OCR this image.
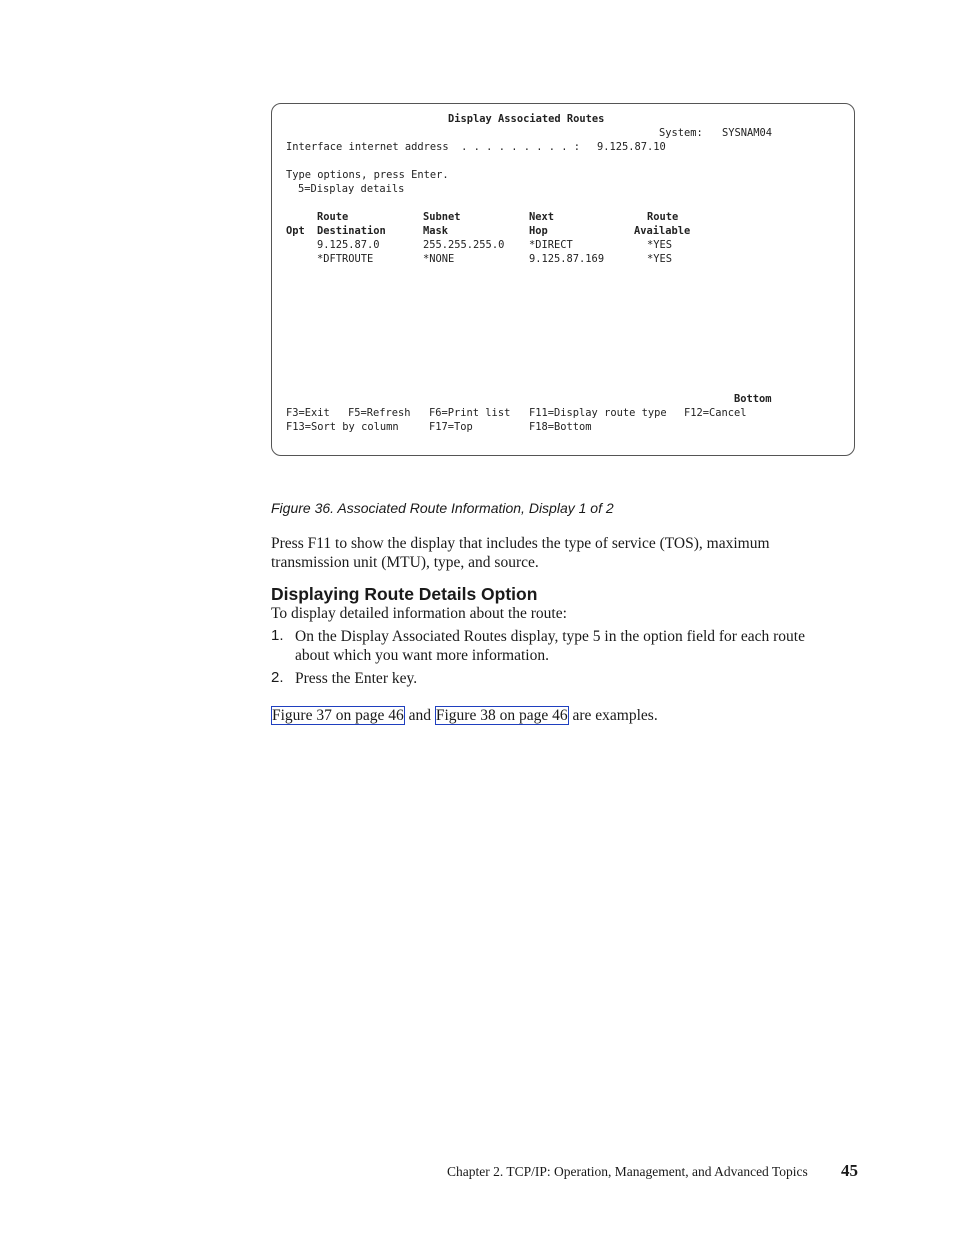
Display Associated Routes
System: SYSNAM04
Interface internet address  . . . . . . . . . : 9.125.87.10
Type options, press Enter.
5=Display details
Route	Subnet	Next	Route
Opt Destination	Mask	Hop	Available
9.125.87.0	255.255.255.0 *DIRECT	*YES
*DFTROUTE	*NONE	9.125.87.169	*YES
Bottom
F3=Exit F5=Refresh F6=Print list F11=Display route type F12=Cancel
F13=Sort by column	F17=Top	F18=Bottom

Figure 36. Associated Route Information, Display 1 of 2

Press F11 to show the display that includes the type of service (TOS), maximum transmission unit (MTU), type, and source.

Displaying Route Details Option

To display detailed information about the route:

1. On the Display Associated Routes display, type 5 in the option field for each route about which you want more information.

2. Press the Enter key.

Figure 37 on page 46 and Figure 38 on page 46 are examples.

Chapter 2. TCP/IP: Operation, Management, and Advanced Topics 45
